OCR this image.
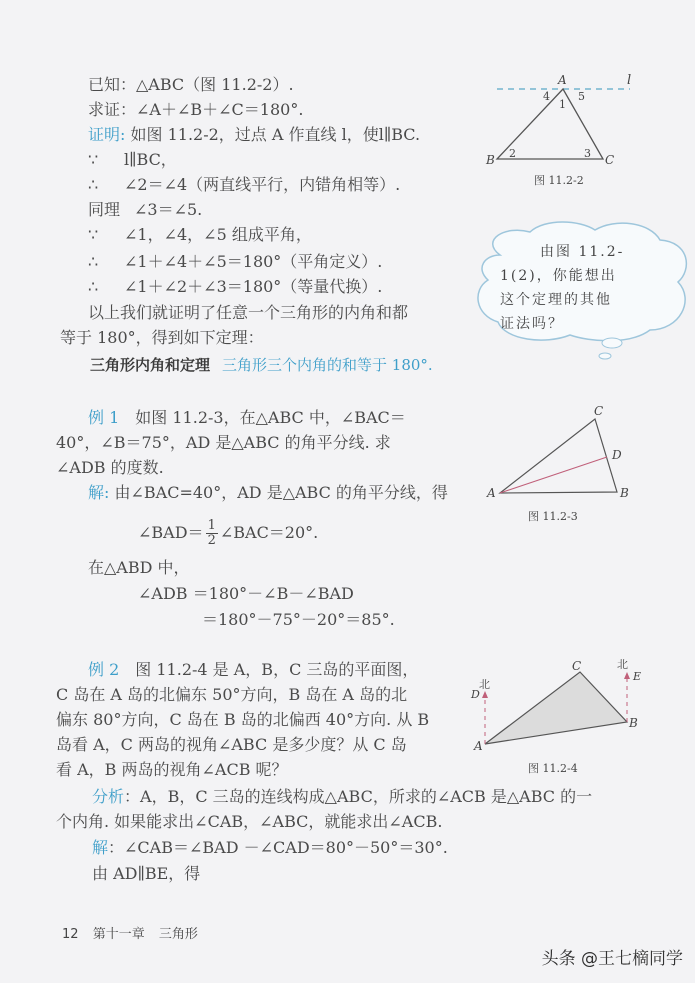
已知：△ABC（图 11.2-2）.
求证：∠A＋∠B＋∠C＝180°.
证明: 如图 11.2-2，过点 A 作直线 l，使l∥BC.
∵ l∥BC，
∴ ∠2＝∠4（两直线平行，内错角相等）.
同理 ∠3＝∠5.
∵ ∠1，∠4，∠5 组成平角，
∴ ∠1＋∠4＋∠5＝180°（平角定义）.
∴ ∠1＋∠2＋∠3＝180°（等量代换）.
以上我们就证明了任意一个三角形的内角和都
等于 180°，得到如下定理：
三角形内角和定理 三角形三个内角的和等于 180°.
例 1 如图 11.2-3，在△ABC 中，∠BAC＝
40°，∠B＝75°，AD 是△ABC 的角平分线. 求
∠ADB 的度数.
解: 由∠BAC=40°，AD 是△ABC 的角平分线，得
∠BAD＝ $\frac{1}{2}$ ∠BAC＝20°.
在△ABD 中，
∠ADB ＝180°－∠B－∠BAD
＝180°－75°－20°＝85°.
例 2 图 11.2-4 是 A，B，C 三岛的平面图，
C 岛在 A 岛的北偏东 50°方向，B 岛在 A 岛的北
偏东 80°方向，C 岛在 B 岛的北偏西 40°方向. 从 B
岛看 A，C 两岛的视角∠ABC 是多少度？从 C 岛
看 A，B 两岛的视角∠ACB 呢？
分析：A，B，C 三岛的连线构成△ABC，所求的∠ACB 是△ABC 的一
个内角. 如果能求出∠CAB，∠ABC，就能求出∠ACB.
解：∠CAB＝∠BAD －∠CAD＝80°－50°＝30°.
由 AD∥BE，得
A	l
B	C
4
1
5
2	3
图 11.2-2
C
D
A	B
图 11.2-3
北
D
北
E
C
B
A
图 11.2-4
由图 11.2-
1(2)，你能想出
这个定理的其他
证法吗？
12 第十一章 三角形
头条 @王七樀同学
